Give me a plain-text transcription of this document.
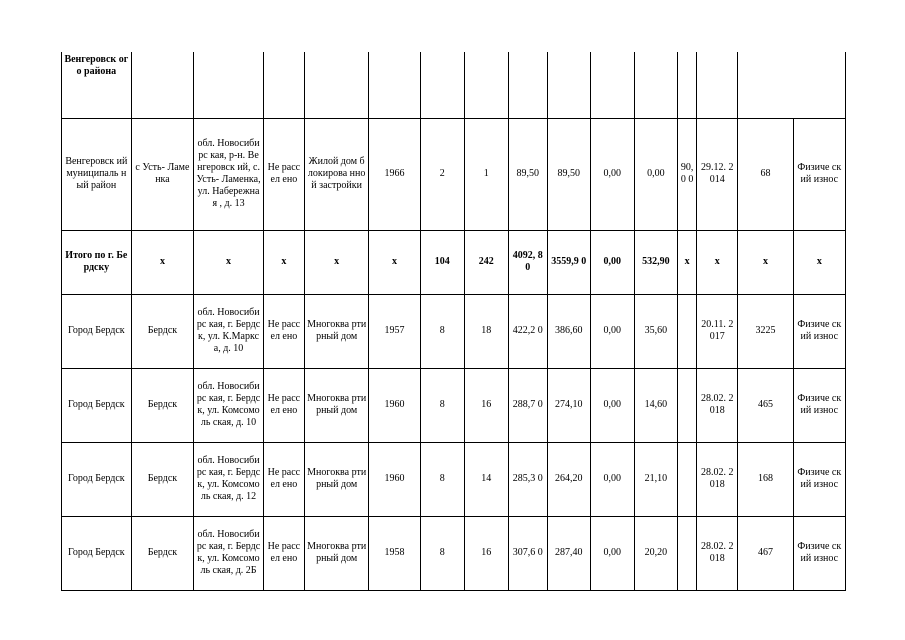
Венгеровск ого района															
Венгеровск ий муниципаль ный район	с Усть- Ламенка	обл. Новосибирс кая, р-н. Венгеровск ий, с. Усть- Ламенка, ул. Набережная , д. 13	Не рассел ено	Жилой дом блокирова нной застройки	1966	2	1	89,50	89,50	0,00	0,00	90,0 0	29.12. 2014	68	Физиче ский износ
Итого по г. Бердску	х	х	х	х	х	104	242	4092, 80	3559,9 0	0,00	532,90	х	х	х	х
Город Бердск	Бердск	обл. Новосибирс кая, г. Бердск, ул. К.Маркса, д. 10	Не рассел ено	Многоква ртирный дом	1957	8	18	422,2 0	386,60	0,00	35,60		20.11. 2017	3225	Физиче ский износ
Город Бердск	Бердск	обл. Новосибирс кая, г. Бердск, ул. Комсомоль ская, д. 10	Не рассел ено	Многоква ртирный дом	1960	8	16	288,7 0	274,10	0,00	14,60		28.02. 2018	465	Физиче ский износ
Город Бердск	Бердск	обл. Новосибирс кая, г. Бердск, ул. Комсомоль ская, д. 12	Не рассел ено	Многоква ртирный дом	1960	8	14	285,3 0	264,20	0,00	21,10		28.02. 2018	168	Физиче ский износ
Город Бердск	Бердск	обл. Новосибирс кая, г. Бердск, ул. Комсомоль ская, д. 2Б	Не рассел ено	Многоква ртирный дом	1958	8	16	307,6 0	287,40	0,00	20,20		28.02. 2018	467	Физиче ский износ
